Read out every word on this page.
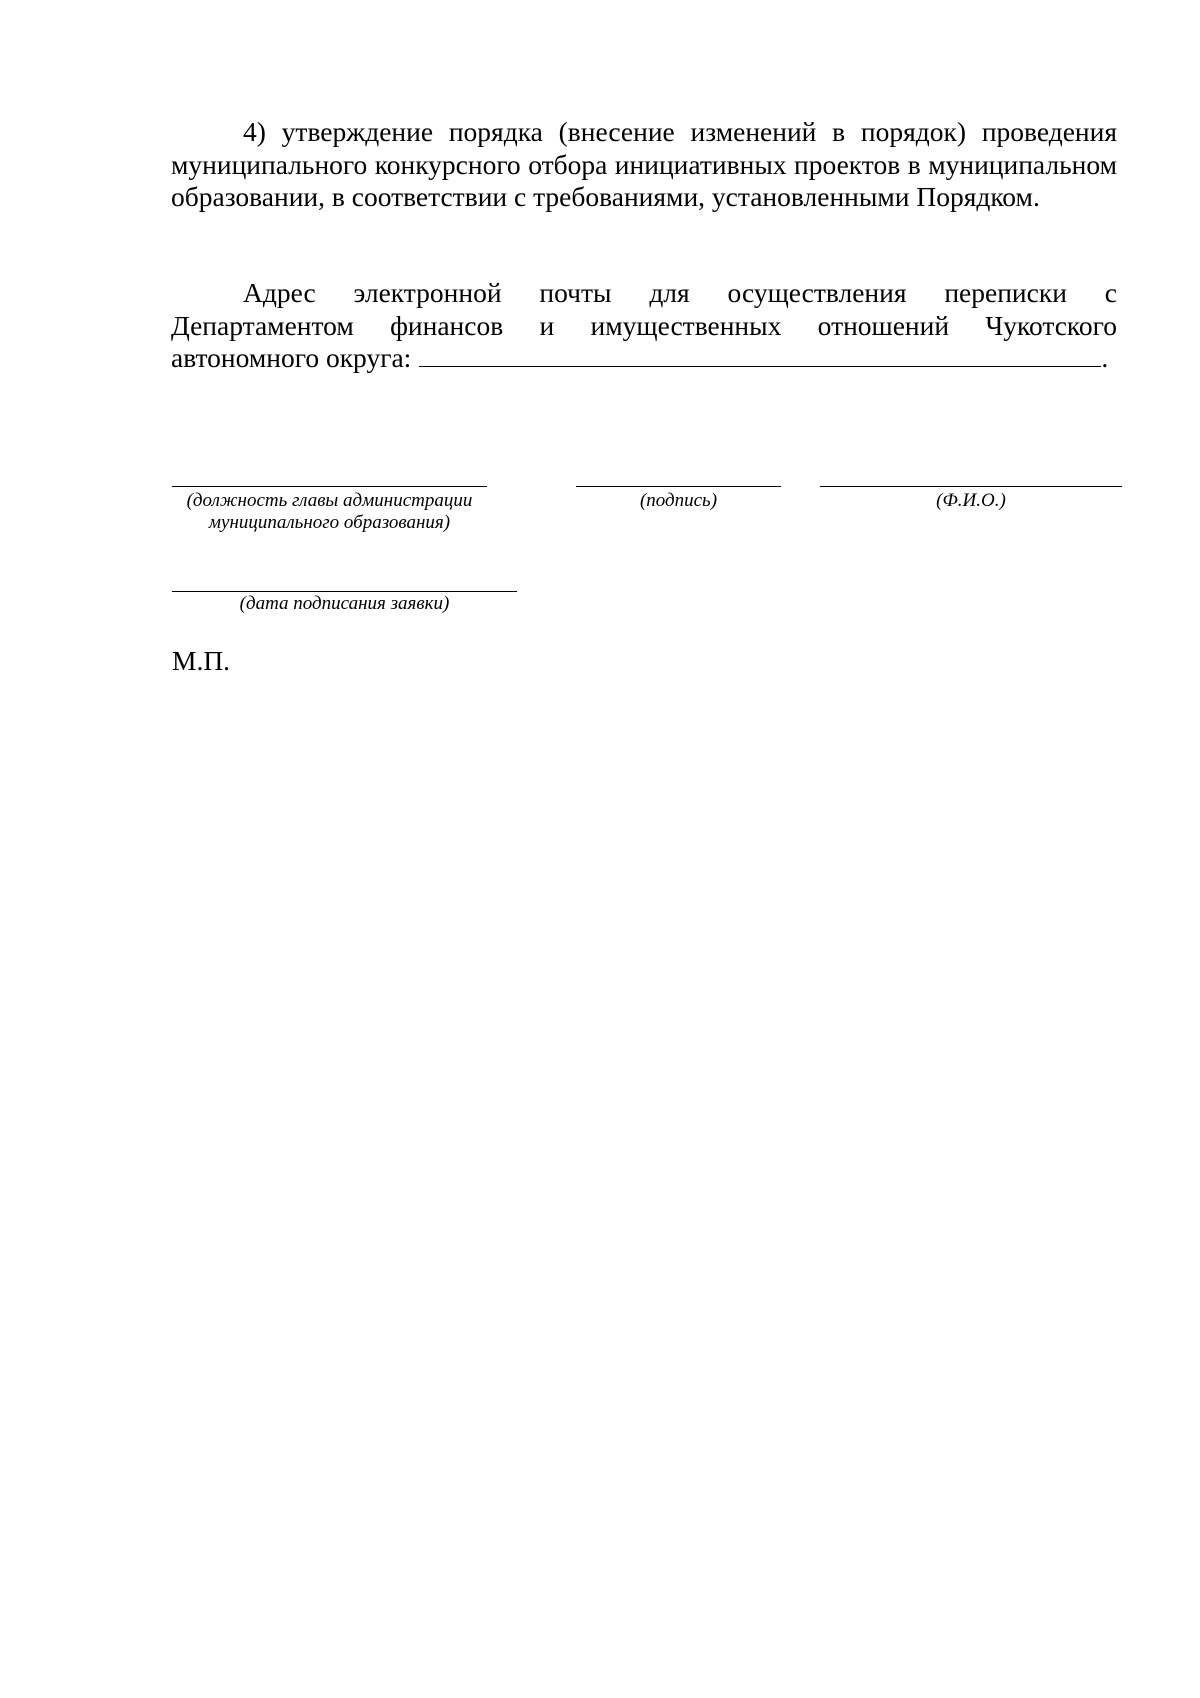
4) утверждение порядка (внесение изменений в порядок) проведения муниципального конкурсного отбора инициативных проектов в муниципальном образовании, в соответствии с требованиями, установленными Порядком.

Адрес электронной почты для осуществления переписки с Департаментом финансов и имущественных отношений Чукотского автономного округа:	.

(должность главы администрации муниципального образования)
(подпись)	(Ф.И.О.)
(дата подписания заявки)

М.П.
